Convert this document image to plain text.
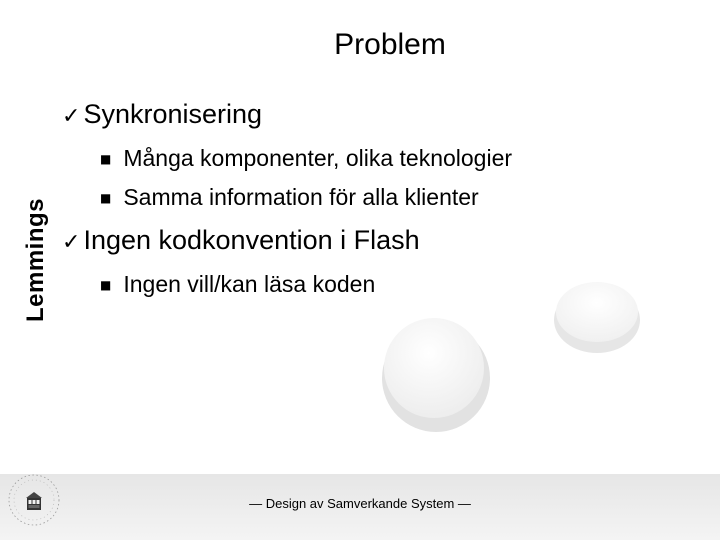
Problem
Lemmings
✓ Synkronisering
■ Många komponenter, olika teknologier
■ Samma information för alla klienter
✓ Ingen kodkonvention i Flash
■ Ingen vill/kan läsa koden
— Design av Samverkande System —
